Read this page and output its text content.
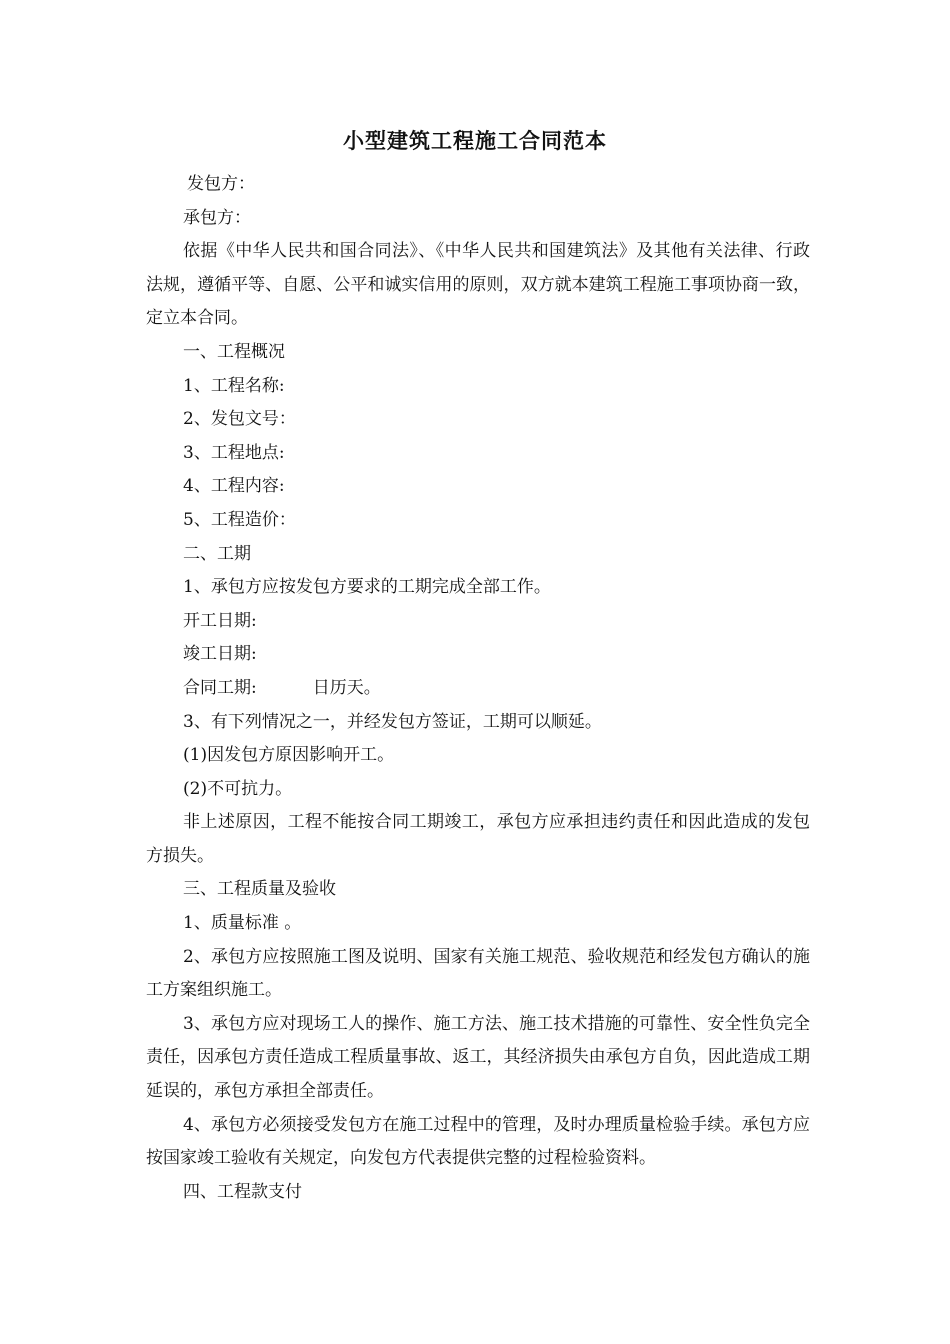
小型建筑工程施工合同范本

发包方：

承包方：

依据《中华人民共和国合同法》、《中华人民共和国建筑法》及其他有关法律、行政法规，遵循平等、自愿、公平和诚实信用的原则，双方就本建筑工程施工事项协商一致，定立本合同。

一、工程概况

1、工程名称:

2、发包文号：

3、工程地点:

4、工程内容:

5、工程造价：

二、工期

1、承包方应按发包方要求的工期完成全部工作。

开工日期:

竣工日期:

合同工期:	日历天。

3、有下列情况之一，并经发包方签证，工期可以顺延。

(1)因发包方原因影响开工。

(2)不可抗力。

非上述原因，工程不能按合同工期竣工，承包方应承担违约责任和因此造成的发包方损失。

三、工程质量及验收

1、质量标准 。

2、承包方应按照施工图及说明、国家有关施工规范、验收规范和经发包方确认的施工方案组织施工。

3、承包方应对现场工人的操作、施工方法、施工技术措施的可靠性、安全性负完全责任，因承包方责任造成工程质量事故、返工，其经济损失由承包方自负，因此造成工期延误的，承包方承担全部责任。

4、承包方必须接受发包方在施工过程中的管理，及时办理质量检验手续。承包方应按国家竣工验收有关规定，向发包方代表提供完整的过程检验资料。

四、工程款支付
